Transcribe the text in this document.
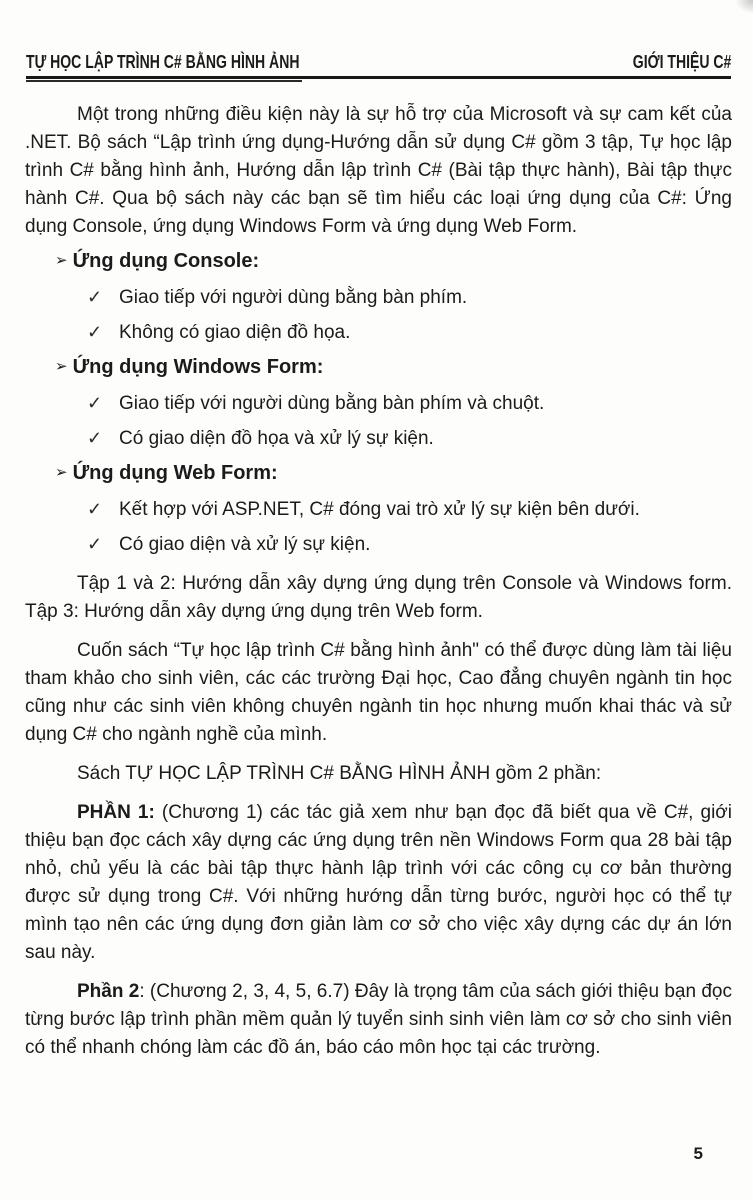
TỰ HỌC LẬP TRÌNH C# BẰNG HÌNH ẢNH	GIỚI THIỆU C#

Một trong những điều kiện này là sự hỗ trợ của Microsoft và sự cam kết của .NET. Bộ sách “Lập trình ứng dụng-Hướng dẫn sử dụng C# gồm 3 tập, Tự học lập trình C# bằng hình ảnh, Hướng dẫn lập trình C# (Bài tập thực hành), Bài tập thực hành C#. Qua bộ sách này các bạn sẽ tìm hiểu các loại ứng dụng của C#: Ứng dụng Console, ứng dụng Windows Form và ứng dụng Web Form.

➢ Ứng dụng Console:
✓ Giao tiếp với người dùng bằng bàn phím.
✓ Không có giao diện đồ họa.
➢ Ứng dụng Windows Form:
✓ Giao tiếp với người dùng bằng bàn phím và chuột.
✓ Có giao diện đồ họa và xử lý sự kiện.
➢ Ứng dụng Web Form:
✓ Kết hợp với ASP.NET, C# đóng vai trò xử lý sự kiện bên dưới.
✓ Có giao diện và xử lý sự kiện.

Tập 1 và 2: Hướng dẫn xây dựng ứng dụng trên Console và Windows form. Tập 3: Hướng dẫn xây dựng ứng dụng trên Web form.

Cuốn sách “Tự học lập trình C# bằng hình ảnh" có thể được dùng làm tài liệu tham khảo cho sinh viên, các các trường Đại học, Cao đẳng chuyên ngành tin học cũng như các sinh viên không chuyên ngành tin học nhưng muốn khai thác và sử dụng C# cho ngành nghề của mình.

Sách TỰ HỌC LẬP TRÌNH C# BẰNG HÌNH ẢNH gồm 2 phần:

PHẦN 1: (Chương 1) các tác giả xem như bạn đọc đã biết qua về C#, giới thiệu bạn đọc cách xây dựng các ứng dụng trên nền Windows Form qua 28 bài tập nhỏ, chủ yếu là các bài tập thực hành lập trình với các công cụ cơ bản thường được sử dụng trong C#. Với những hướng dẫn từng bước, người học có thể tự mình tạo nên các ứng dụng đơn giản làm cơ sở cho việc xây dựng các dự án lớn sau này.

Phần 2: (Chương 2, 3, 4, 5, 6.7) Đây là trọng tâm của sách giới thiệu bạn đọc từng bước lập trình phần mềm quản lý tuyển sinh sinh viên làm cơ sở cho sinh viên có thể nhanh chóng làm các đồ án, báo cáo môn học tại các trường.

5
